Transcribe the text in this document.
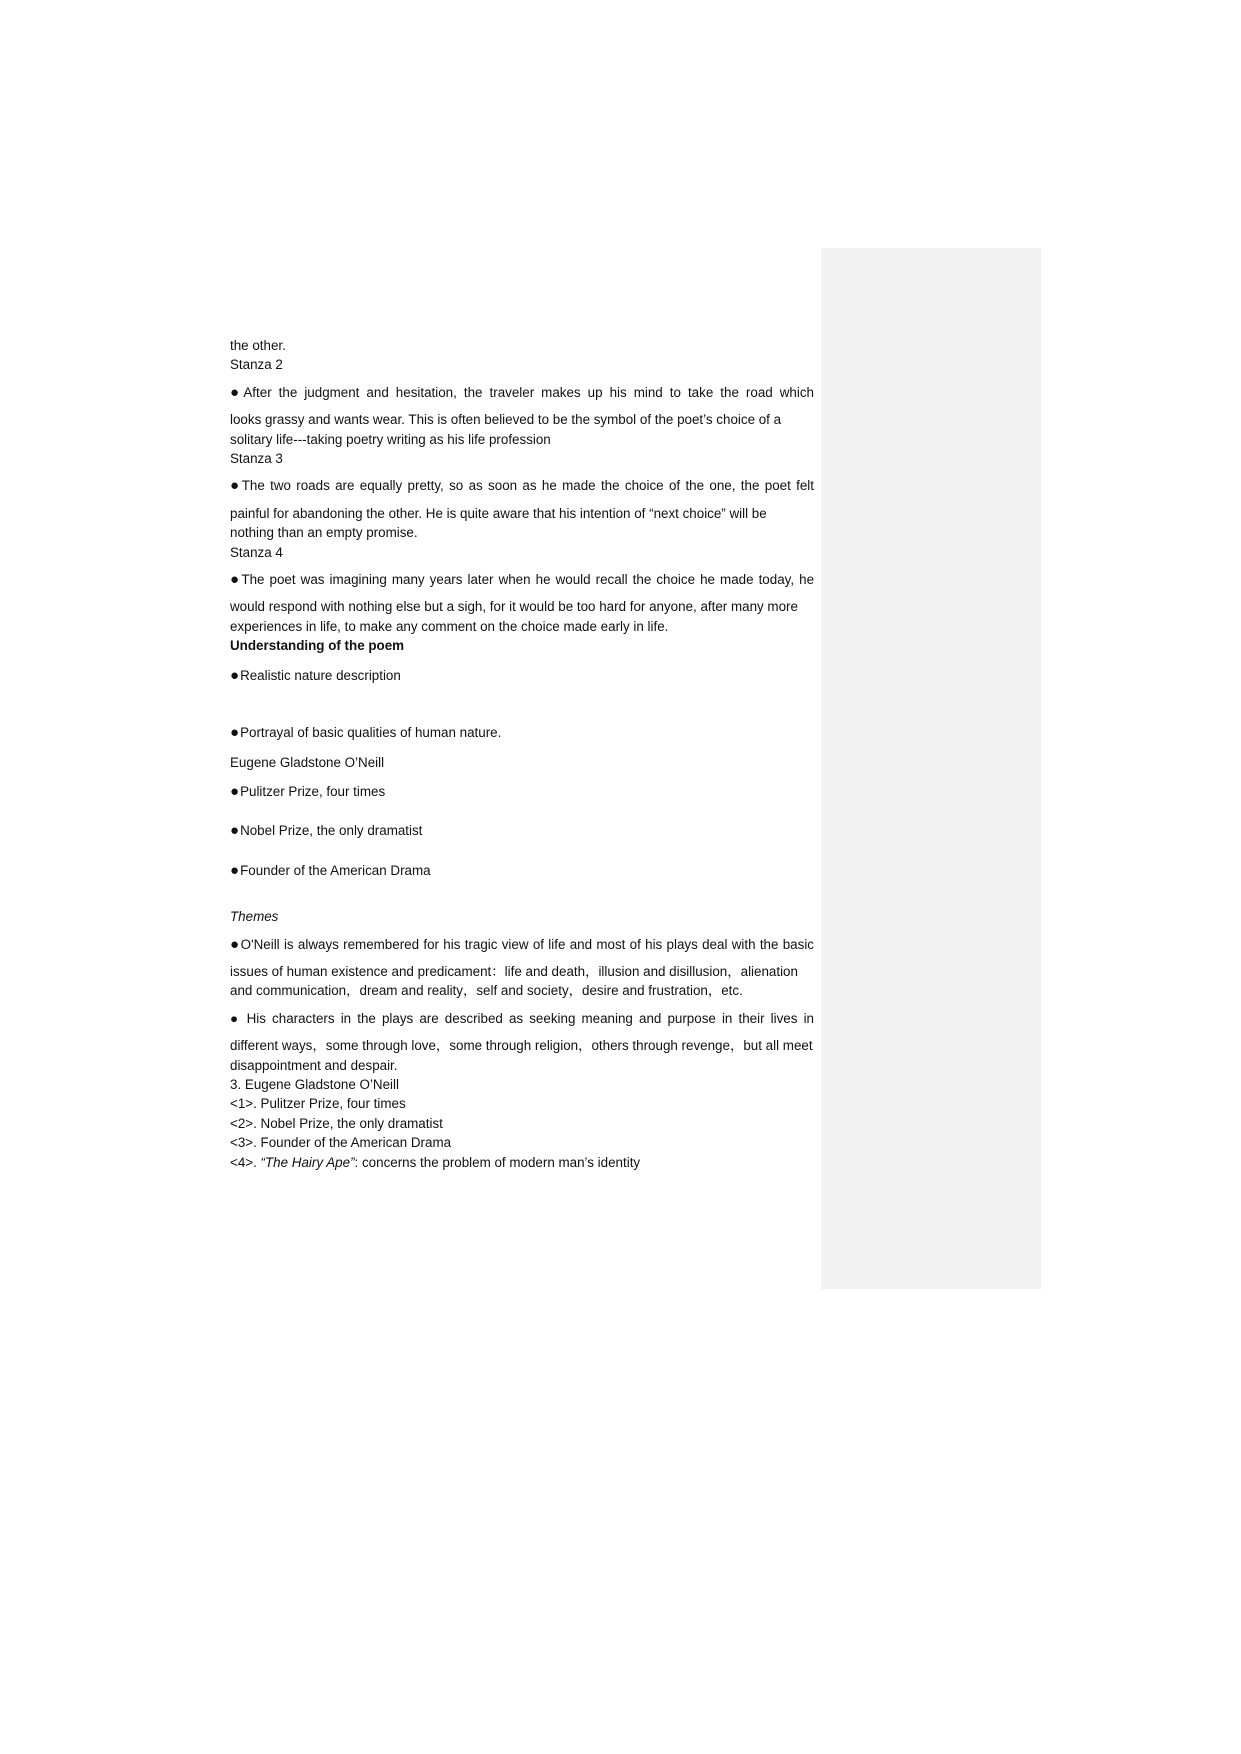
the other.

Stanza 2

●After the judgment and hesitation, the traveler makes up his mind to take the road which
looks grassy and wants wear. This is often believed to be the symbol of the poet’s choice of a solitary life---taking poetry writing as his life profession

Stanza 3

●The two roads are equally pretty, so as soon as he made the choice of the one, the poet felt
painful for abandoning the other. He is quite aware that his intention of “next choice” will be nothing than an empty promise.

Stanza 4

●The poet was imagining many years later when he would recall the choice he made today, he
would respond with nothing else but a sigh, for it would be too hard for anyone, after many more experiences in life, to make any comment on the choice made early in life.

Understanding of the poem

●Realistic nature description

●Portrayal of basic qualities of human nature.

Eugene Gladstone O’Neill

●Pulitzer Prize, four times

●Nobel Prize, the only dramatist

●Founder of the American Drama

Themes

●O'Neill is always remembered for his tragic view of life and most of his plays deal with the basic
issues of human existence and predicament：life and death，illusion and disillusion，alienation and communication，dream and reality，self and society，desire and frustration，etc.

● His characters in the plays are described as seeking meaning and purpose in their lives in
different ways，some through love，some through religion，others through revenge，but all meet disappointment and despair.

3. Eugene Gladstone O’Neill

<1>. Pulitzer Prize, four times

<2>. Nobel Prize, the only dramatist

<3>. Founder of the American Drama

<4>. “The Hairy Ape”: concerns the problem of modern man’s identity
